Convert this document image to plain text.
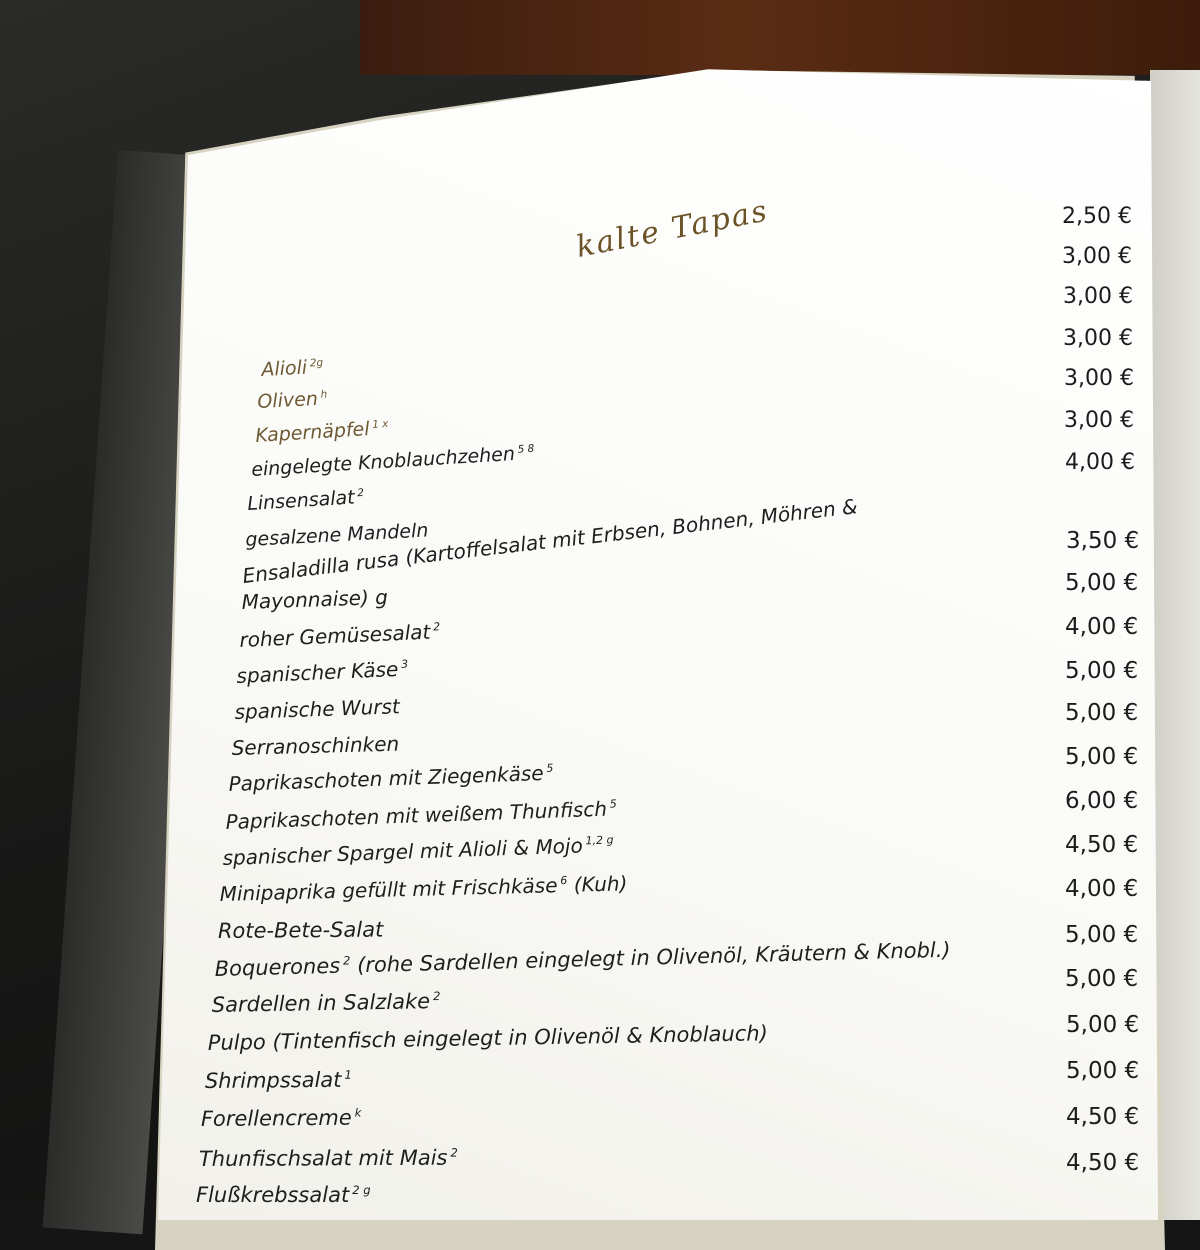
kalte Tapas
Alioli $^{2g}$
Oliven $^h$
Kapernäpfel $^{1 x}$
eingelegte Knoblauchzehen $^{5 8}$
Linsensalat $^2$
gesalzene Mandeln
Ensaladilla rusa (Kartoffelsalat mit Erbsen, Bohnen, Möhren &
Mayonnaise) g
roher Gemüsesalat $^2$
spanischer Käse $^3$
spanische Wurst
Serranoschinken
Paprikaschoten mit Ziegenkäse $^5$
Paprikaschoten mit weißem Thunfisch $^5$
spanischer Spargel mit Alioli & Mojo $^{1,2 g}$
Minipaprika gefüllt mit Frischkäse $^6$ (Kuh)
Rote-Bete-Salat
Boquerones $^2$ (rohe Sardellen eingelegt in Olivenöl, Kräutern & Knobl.)
Sardellen in Salzlake $^2$
Pulpo (Tintenfisch eingelegt in Olivenöl & Knoblauch)
Shrimpssalat $^1$
Forellencreme $^k$
Thunfischsalat mit Mais $^2$
Flußkrebssalat $^{2 g}$
2,50 €
3,00 €
3,00 €
3,00 €
3,00 €
3,00 €
4,00 €
3,50 €
5,00 €
4,00 €
5,00 €
5,00 €
5,00 €
6,00 €
4,50 €
4,00 €
5,00 €
5,00 €
5,00 €
5,00 €
4,50 €
4,50 €
